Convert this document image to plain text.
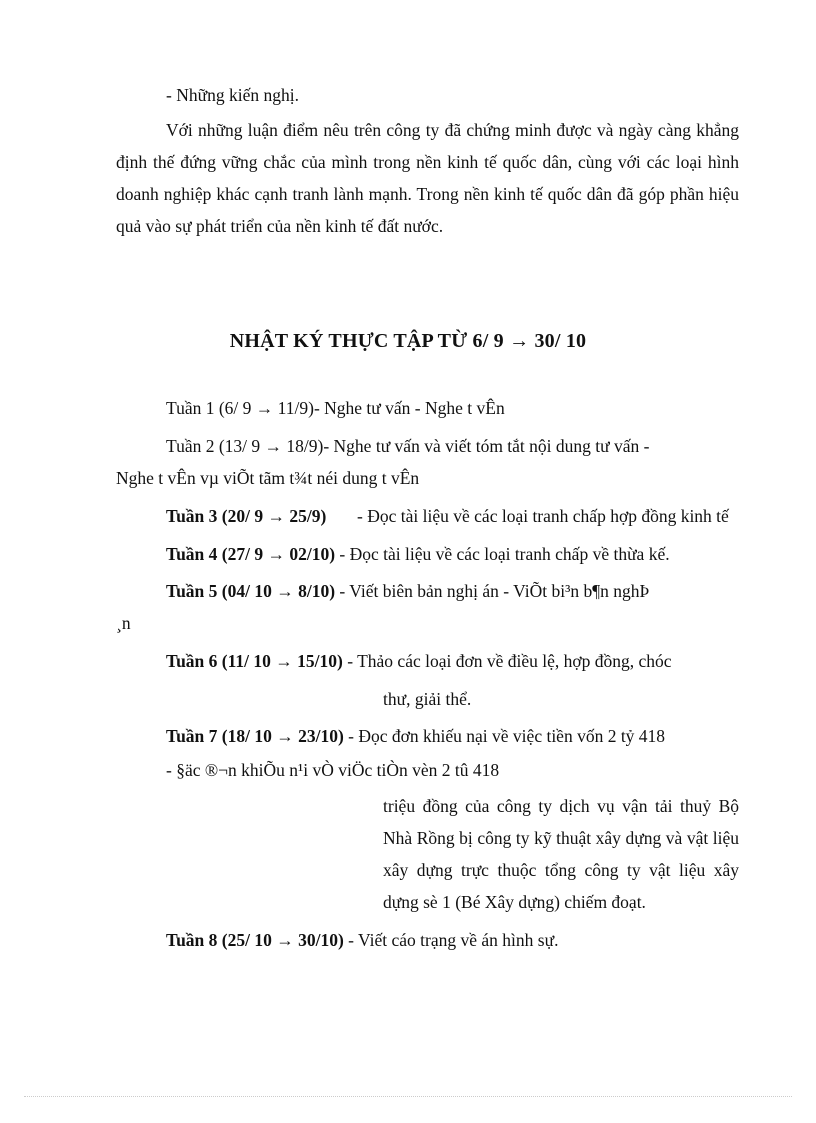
- Những kiến nghị.
Với những luận điểm nêu trên công ty đã chứng minh được và ngày càng khẳng định thế đứng vững chắc của mình trong nền kinh tế quốc dân, cùng với các loại hình doanh nghiệp khác cạnh tranh lành mạnh. Trong nền kinh tế quốc dân đã góp phần hiệu quả vào sự phát triển của nền kinh tế đất nước.
NHẬT KÝ THỰC TẬP TỪ 6/ 9 → 30/ 10
Tuần 1 (6/ 9 → 11/9)- Nghe tư vấn - Nghe t vÊn
Tuần 2 (13/ 9 → 18/9)- Nghe tư vấn và viết tóm tắt nội dung tư vấn -
Nghe t vÊn vµ viÕt tãm t¾t néi dung t vÊn
Tuần 3 (20/ 9 → 25/9) - Đọc tài liệu về các loại tranh chấp hợp đồng kinh tế
Tuần 4 (27/ 9 → 02/10) - Đọc tài liệu về các loại tranh chấp về thừa kế.
Tuần 5 (04/ 10 → 8/10) - Viết biên bản nghị án - ViÕt bi³n b¶n nghÞ
¸n
Tuần 6 (11/ 10 → 15/10) - Thảo các loại đơn về điều lệ, hợp đồng, chóc
thư, giải thể.
Tuần 7 (18/ 10 → 23/10) - Đọc đơn khiếu nại về việc tiền vốn 2 tỷ 418
- §äc ®¬n khiÕu n¹i vÒ viÖc tiÒn vèn 2 tû 418
triệu đồng của công ty dịch vụ vận tải thuỷ Bộ Nhà Rồng bị công ty kỹ thuật xây dựng và vật liệu xây dựng trực thuộc tổng công ty vật liệu xây dựng sè 1 (Bé Xây dựng) chiếm đoạt.
Tuần 8 (25/ 10 → 30/10) - Viết cáo trạng về án hình sự.
